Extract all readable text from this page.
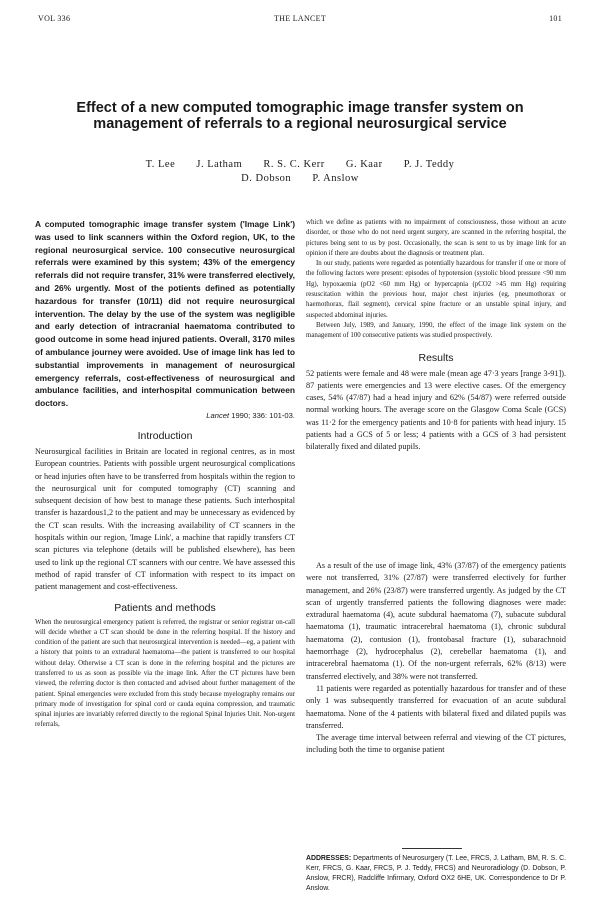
VOL 336	THE LANCET	101
Effect of a new computed tomographic image transfer system on management of referrals to a regional neurosurgical service
T. Lee J. Latham R. S. C. Kerr G. Kaar P. J. Teddy
D. Dobson P. Anslow

A computed tomographic image transfer system ('Image Link') was used to link scanners within the Oxford region, UK, to the regional neurosurgical service. 100 consecutive neurosurgical referrals were examined by this system; 43% of the emergency referrals did not require transfer, 31% were transferred electively, and 26% urgently. Most of the potients defined as potentially hazardous for transfer (10/11) did not require neurosurgical intervention. The delay by the use of the system was negligible and early detection of intracranial haematoma contributed to good outcome in some head injured patients. Overall, 3170 miles of ambulance journey were avoided. Use of image link has led to substantial improvements in management of neurosurgical emergency referrals, cost-effectiveness of neurosurgical and ambulance facilities, and interhospital communication between doctors.

Lancet 1990; 336: 101-03.

Introduction

Neurosurgical facilities in Britain are located in regional centres, as in most European countries. Patients with possible urgent neurosurgical complications or head injuries often have to be transferred from hospitals within the region to the neurosurgical unit for computed tomography (CT) scanning and subsequent decision of how best to manage these patients. Such interhospital transfer is hazardous1,2 to the patient and may be unnecessary as evidenced by the CT scan results. With the increasing availability of CT scanners in the hospitals within our region, 'Image Link', a machine that rapidly transfers CT scan pictures via telephone (details will be published elsewhere), has been used to link up the regional CT scanners with our centre. We have assessed this method of rapid transfer of CT information with respect to its impact on patient management and cost-effectiveness.

Patients and methods

When the neurosurgical emergency patient is referred, the registrar or senior registrar on-call will decide whether a CT scan should be done in the referring hospital. If the history and condition of the patient are such that neurosurgical intervention is needed—eg, a patient with a history that points to an extradural haematoma—the patient is transferred to our hospital without delay. Otherwise a CT scan is done in the referring hospital and the pictures are transferred to us as soon as possible via the image link. After the CT pictures have been viewed, the referring doctor is then contacted and advised about further management of the patient. Spinal emergencies were excluded from this study because myelography remains our primary mode of investigation for spinal cord or cauda equina compression, and traumatic spinal injuries are invariably referred directly to the regional Spinal Injuries Unit. Non-urgent referrals,

which we define as patients with no impairment of consciousness, those without an acute disorder, or those who do not need urgent surgery, are scanned in the referring hospital, the pictures being sent to us by post. Occasionally, the scan is sent to us by image link for an opinion if there are doubts about the diagnosis or treatment plan.

In our study, patients were regarded as potentially hazardous for transfer if one or more of the following factors were present: episodes of hypotension (systolic blood pressure <90 mm Hg), hypoxaemia (pO2 <60 mm Hg) or hypercapnia (pCO2 >45 mm Hg) requiring resuscitation within the previous hour, major chest injuries (eg, pneumothorax or haemothorax, flail segment), cervical spine fracture or an unstable spinal injury, and suspected abdominal injuries.

Between July, 1989, and January, 1990, the effect of the image link system on the management of 100 consecutive patients was studied prospectively.

Results

52 patients were female and 48 were male (mean age 47·3 years [range 3-91]). 87 patients were emergencies and 13 were elective cases. Of the emergency cases, 54% (47/87) had a head injury and 62% (54/87) were referred outside normal working hours. The average score on the Glasgow Coma Scale (GCS) was 11·2 for the emergency patients and 10·8 for patients with head injury. 15 patients had a GCS of 5 or less; 4 patients with a GCS of 3 had persistent bilaterally fixed and dilated pupils.

As a result of the use of image link, 43% (37/87) of the emergency patients were not transferred, 31% (27/87) were transferred electively for further management, and 26% (23/87) were transferred urgently. As judged by the CT scan of urgently transferred patients the following diagnoses were made: extradural haematoma (4), acute subdural haematoma (7), subacute subdural haematoma (1), traumatic intracerebral haematoma (1), chronic subdural haematoma (2), contusion (1), frontobasal fracture (1), subarachnoid haemorrhage (2), hydrocephalus (2), cerebellar haematoma (1), and intracerebral haematoma (1). Of the non-urgent referrals, 62% (8/13) were transferred electively, and 38% were not transferred.

11 patients were regarded as potentially hazardous for transfer and of these only 1 was subsequently transferred for evacuation of an acute subdural haematoma. None of the 4 patients with bilateral fixed and dilated pupils was transferred.

The average time interval between referral and viewing of the CT pictures, including both the time to organise patient

ADDRESSES: Departments of Neurosurgery (T. Lee, FRCS, J. Latham, BM, R. S. C. Kerr, FRCS, G. Kaar, FRCS, P. J. Teddy, FRCS) and Neuroradiology (D. Dobson, P. Anslow, FRCR), Radcliffe Infirmary, Oxford OX2 6HE, UK. Correspondence to Dr P. Anslow.
